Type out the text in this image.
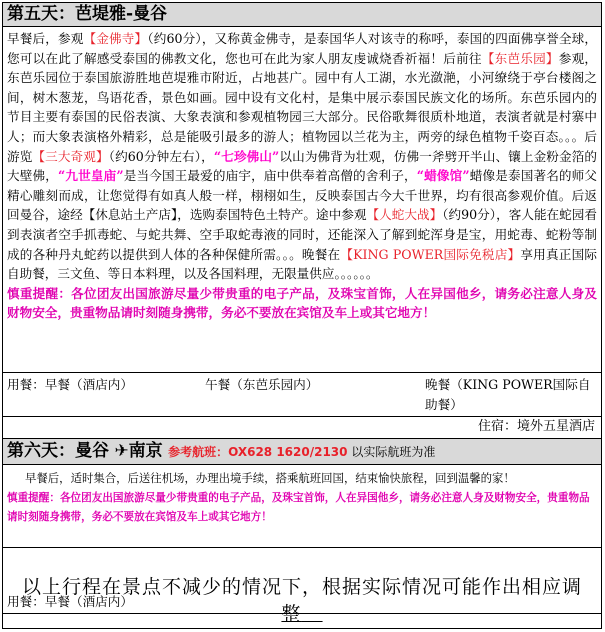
第五天：芭堤雅-曼谷
早餐后，参观【金佛寺】（约60分），又称黄金佛寺，是泰国华人对该寺的称呼，泰国的四面佛享誉全球，您可以在此了解感受泰国的佛教文化，您也可在此为家人朋友虔诚烧香祈福！后前往【东芭乐园】参观，东芭乐园位于泰国旅游胜地芭堤雅市附近，占地甚广。园中有人工湖，水光潋滟，小河缭绕于亭台楼阁之间，树木葱茏，鸟语花香，景色如画。园中设有文化村，是集中展示泰国民族文化的场所。东芭乐园内的节目主要有泰国的民俗表演、大象表演和参观植物园三大部分。民俗歌舞很质朴地道，表演者就是村寨中人；而大象表演格外精彩，总是能吸引最多的游人；植物园以兰花为主，两旁的绿色植物千姿百态。。。后游览【三大奇观】（约60分钟左右），“七珍佛山”以山为佛背为壮观，仿佛一斧劈开半山、镶上金粉金箔的大壁佛，“九世皇庙”是当今国王最爱的庙宇，庙中供奉着高僧的舍利子，“蜡像馆”蜡像是泰国著名的师父精心雕刻而成，让您觉得有如真人般一样，栩栩如生，反映泰国古今大千世界，均有很高参观价值。后返回曼谷，途经【休息站土产店】，选购泰国特色土特产。途中参观【人蛇大战】（约90分），客人能在蛇园看到表演者空手抓毒蛇、与蛇共舞、空手取蛇毒液的同时，还能深入了解到蛇浑身是宝，用蛇毒、蛇粉等制成的各种丹丸蛇药以提供到人体的各种保健所需。。。晚餐在【KING POWER国际免税店】享用真正国际自助餐，三文鱼、等日本料理，以及各国料理，无限量供应。。。。。。
慎重提醒：各位团友出国旅游尽量少带贵重的电子产品，及珠宝首饰，人在异国他乡，请务必注意人身及财物安全，贵重物品请时刻随身携带，务必不要放在宾馆及车上或其它地方！
用餐：早餐（酒店内）	午餐（东芭乐园内）	晚餐（KING POWER国际自助餐）
住宿：境外五星酒店
第六天：曼谷 ✈南京 参考航班：OX628 1620/2130 以实际航班为准
早餐后，适时集合，后送往机场，办理出境手续，搭乘航班回国，结束愉快旅程，回到温馨的家！
慎重提醒：各位团友出国旅游尽量少带贵重的电子产品，及珠宝首饰，人在异国他乡，请务必注意人身及财物安全，贵重物品请时刻随身携带，务必不要放在宾馆及车上或其它地方！
用餐：早餐（酒店内）
以上行程在景点不减少的情况下，根据实际情况可能作出相应调
整
